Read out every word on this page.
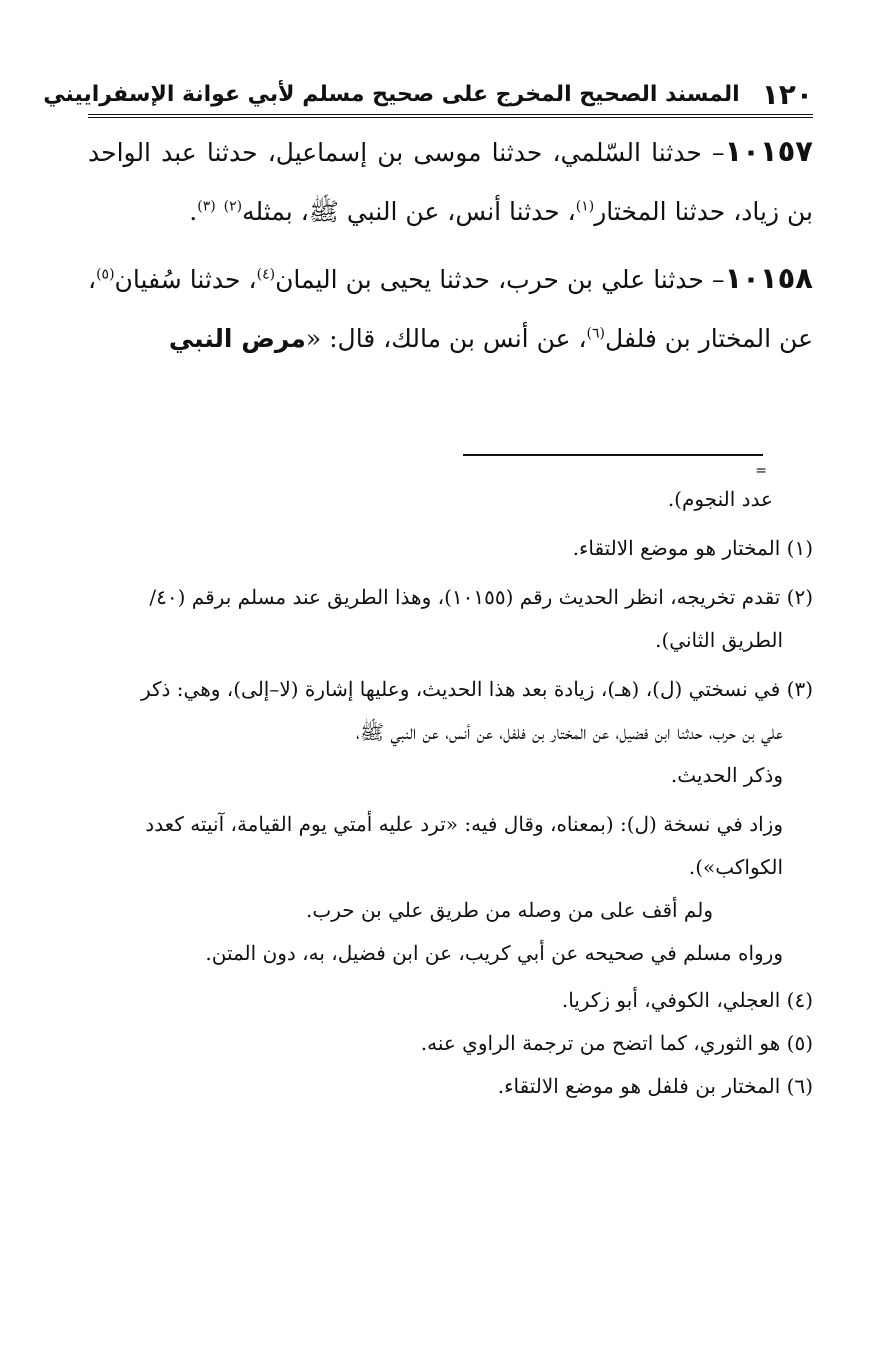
١٢٠
المسند الصحيح المخرج على صحيح مسلم لأبي عوانة الإسفراييني

١٠١٥٧– حدثنا السّلمي، حدثنا موسى بن إسماعيل، حدثنا عبد الواحد بن زياد، حدثنا المختار$^{(١)}$، حدثنا أنس، عن النبي ﷺ، بمثله$^{(٢)}$ $^{(٣)}$.

١٠١٥٨– حدثنا علي بن حرب، حدثنا يحيى بن اليمان$^{(٤)}$، حدثنا سُفيان$^{(٥)}$، عن المختار بن فلفل$^{(٦)}$، عن أنس بن مالك، قال: «مرض النبي

=

عدد النجوم).

(١) المختار هو موضع الالتقاء.

(٢) تقدم تخريجه، انظر الحديث رقم (١٠١٥٥)، وهذا الطريق عند مسلم برقم (٤٠/

الطريق الثاني).

(٣) في نسختي (ل)، (هـ)، زيادة بعد هذا الحديث، وعليها إشارة (لا–إلى)، وهي: ذكر

علي بن حرب، حدثنا ابن فضيل، عن المختار بن فلفل، عن أنس، عن النبي ﷺ،

وذكر الحديث.

وزاد في نسخة (ل): (بمعناه، وقال فيه: «ترد عليه أمتي يوم القيامة، آنيته كعدد

الكواكب»).

ولم أقف على من وصله من طريق علي بن حرب.

ورواه مسلم في صحيحه عن أبي كريب، عن ابن فضيل، به، دون المتن.

(٤) العجلي، الكوفي، أبو زكريا.

(٥) هو الثوري، كما اتضح من ترجمة الراوي عنه.

(٦) المختار بن فلفل هو موضع الالتقاء.
